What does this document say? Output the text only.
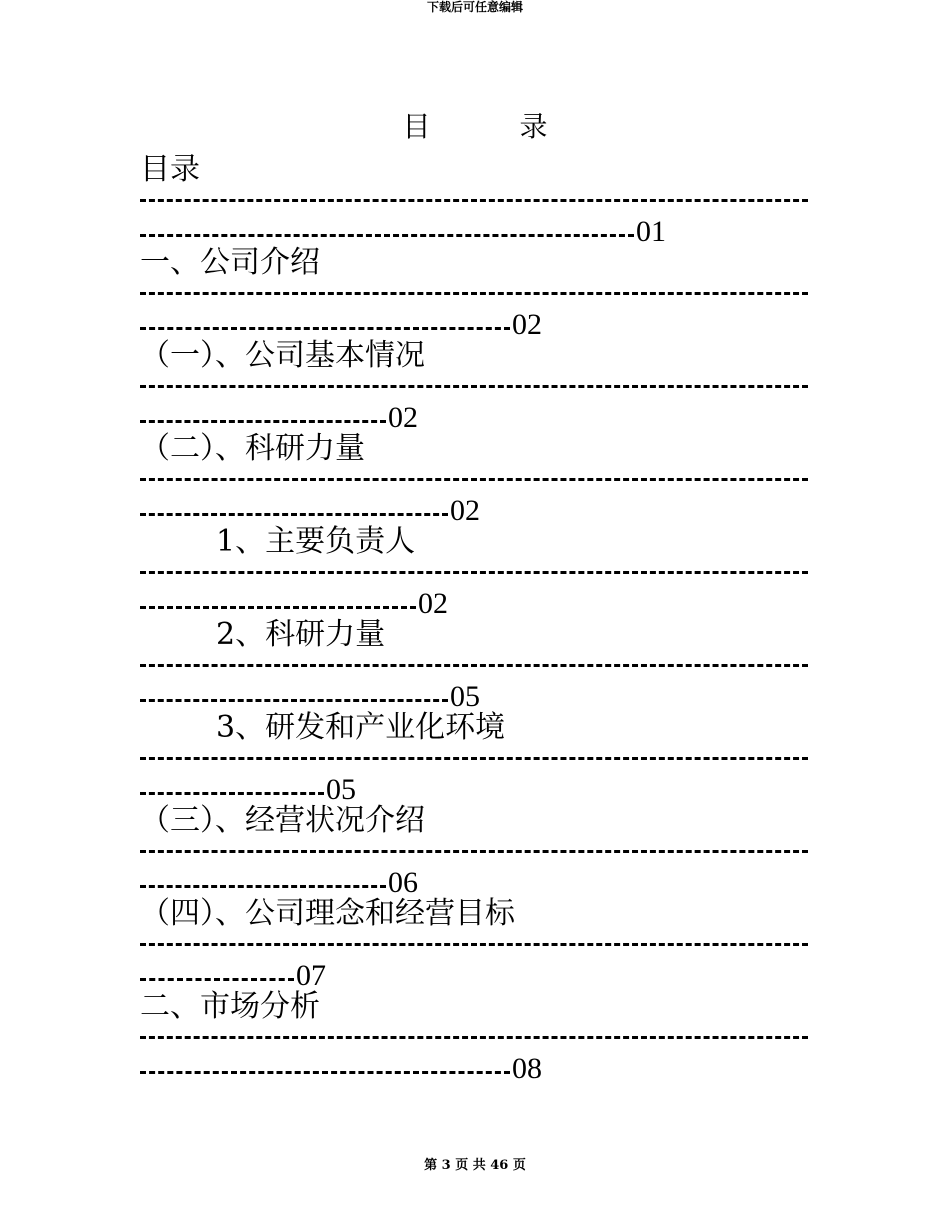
下载后可任意编辑
目          录
目录
01
一、公司介绍
02
（一）、公司基本情况
02
（二）、科研力量
02
1、主要负责人
02
2、科研力量
05
3、研发和产业化环境
05
（三）、经营状况介绍
06
（四）、公司理念和经营目标
07
二、市场分析
08
第 3 页 共 46 页
